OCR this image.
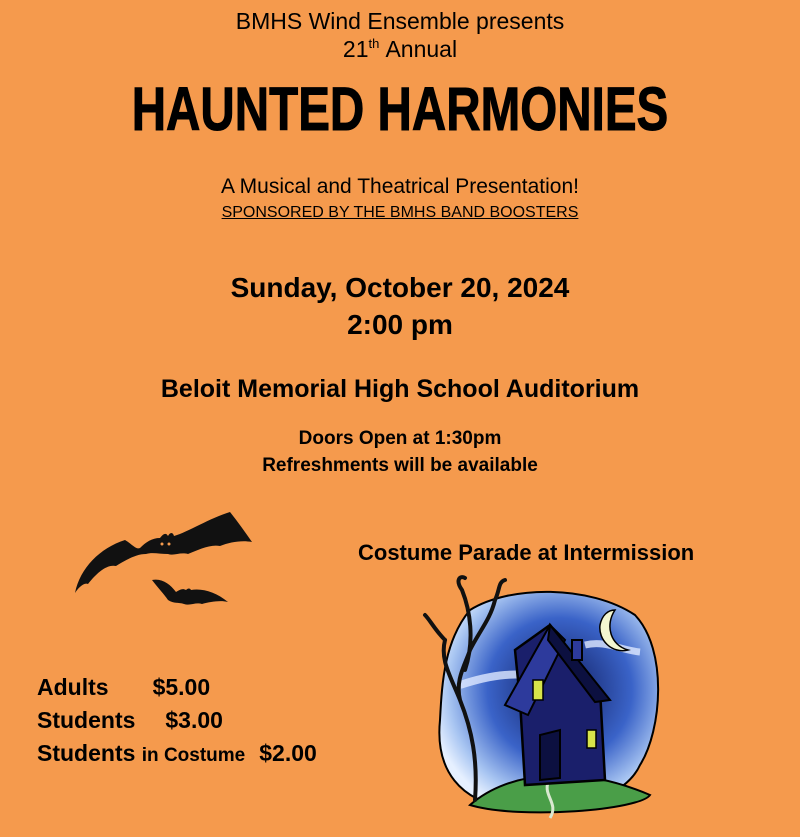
BMHS Wind Ensemble presents
21th Annual
HAUNTED HARMONIES
A Musical and Theatrical Presentation!
SPONSORED BY THE BMHS BAND BOOSTERS
Sunday, October 20, 2024
2:00 pm
Beloit Memorial High School Auditorium
Doors Open at 1:30pm
Refreshments will be available
Costume Parade at Intermission
Adults $5.00
Students $3.00
Students in Costume $2.00
